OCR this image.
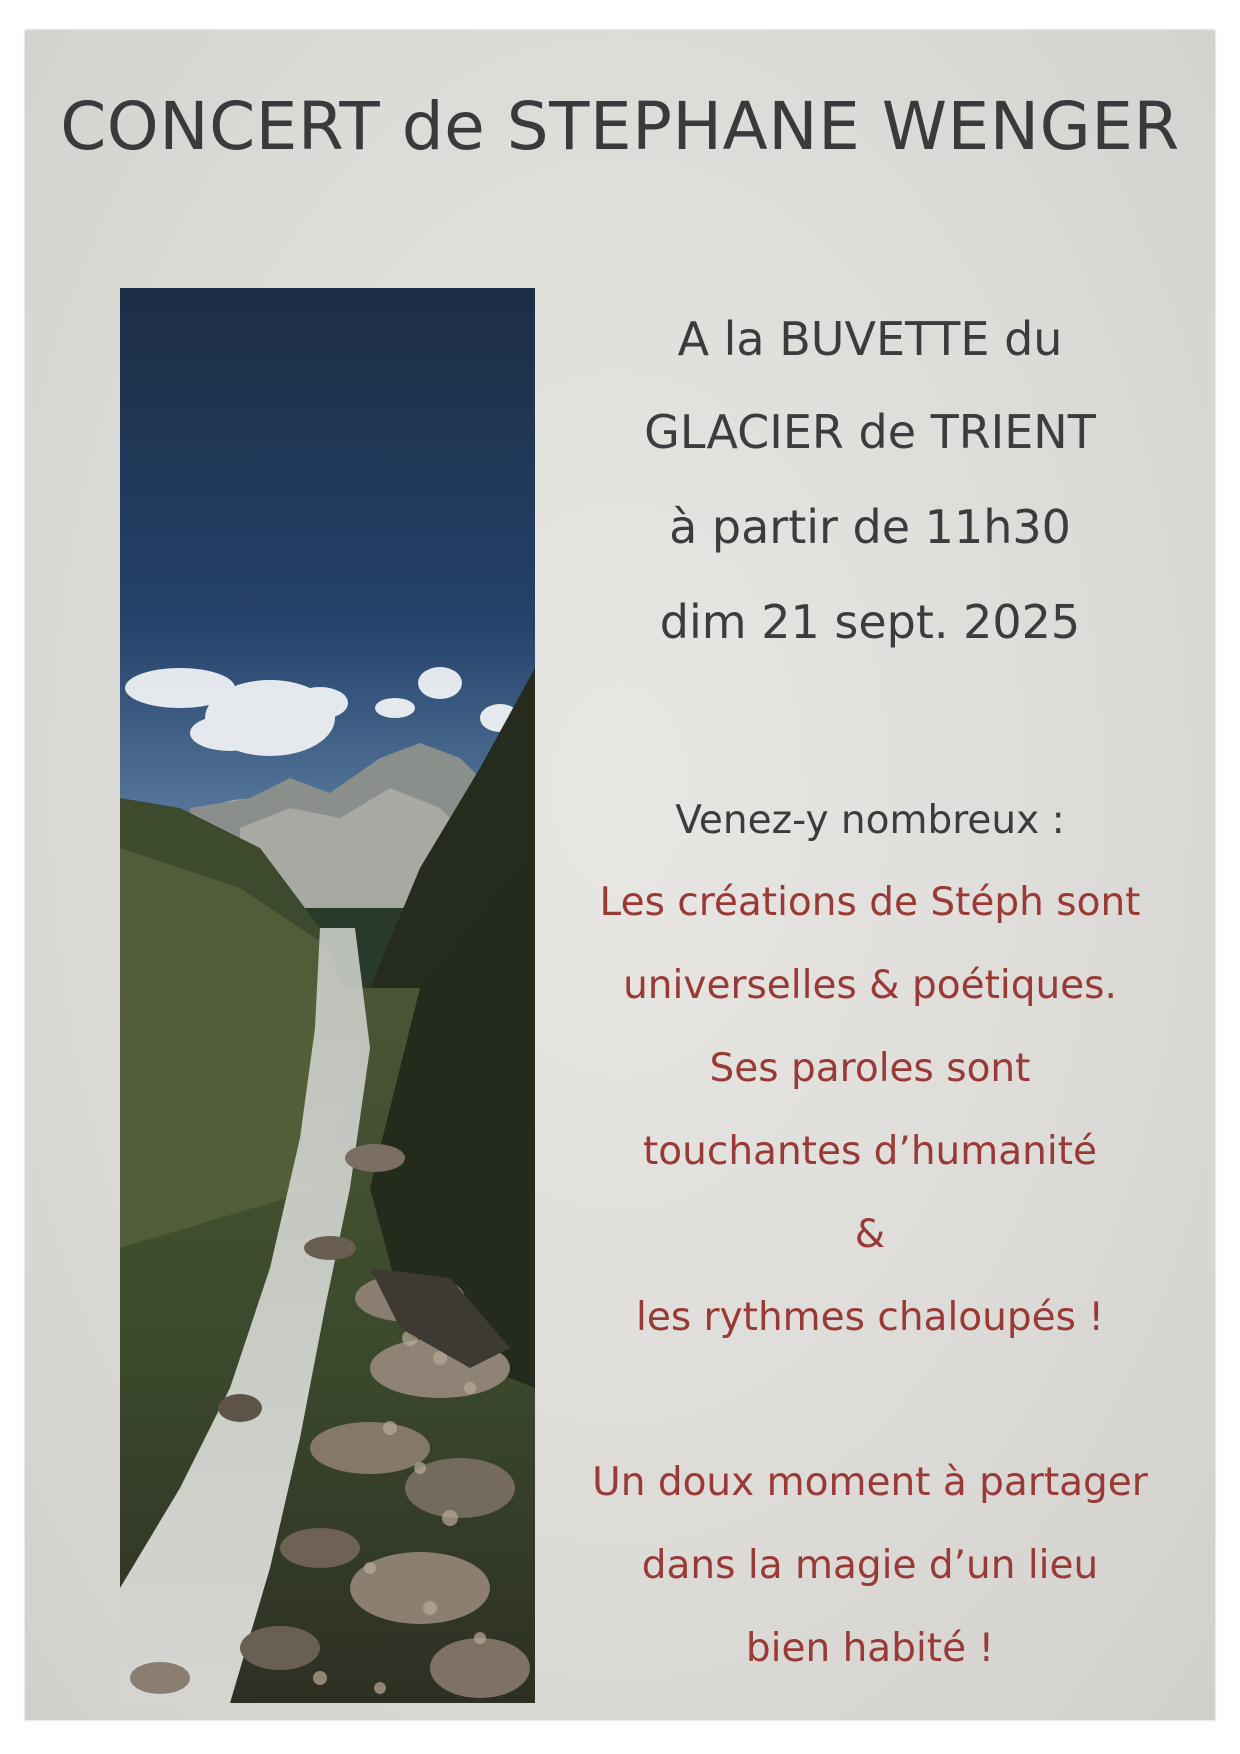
CONCERT de STEPHANE WENGER
A la BUVETTE du
GLACIER de TRIENT
à partir de 11h30
dim 21 sept. 2025
Venez-y nombreux :
Les créations de Stéph sont
universelles & poétiques.
Ses paroles sont
touchantes d’humanité
&
les rythmes chaloupés !
Un doux moment à partager
dans la magie d’un lieu
bien habité !
